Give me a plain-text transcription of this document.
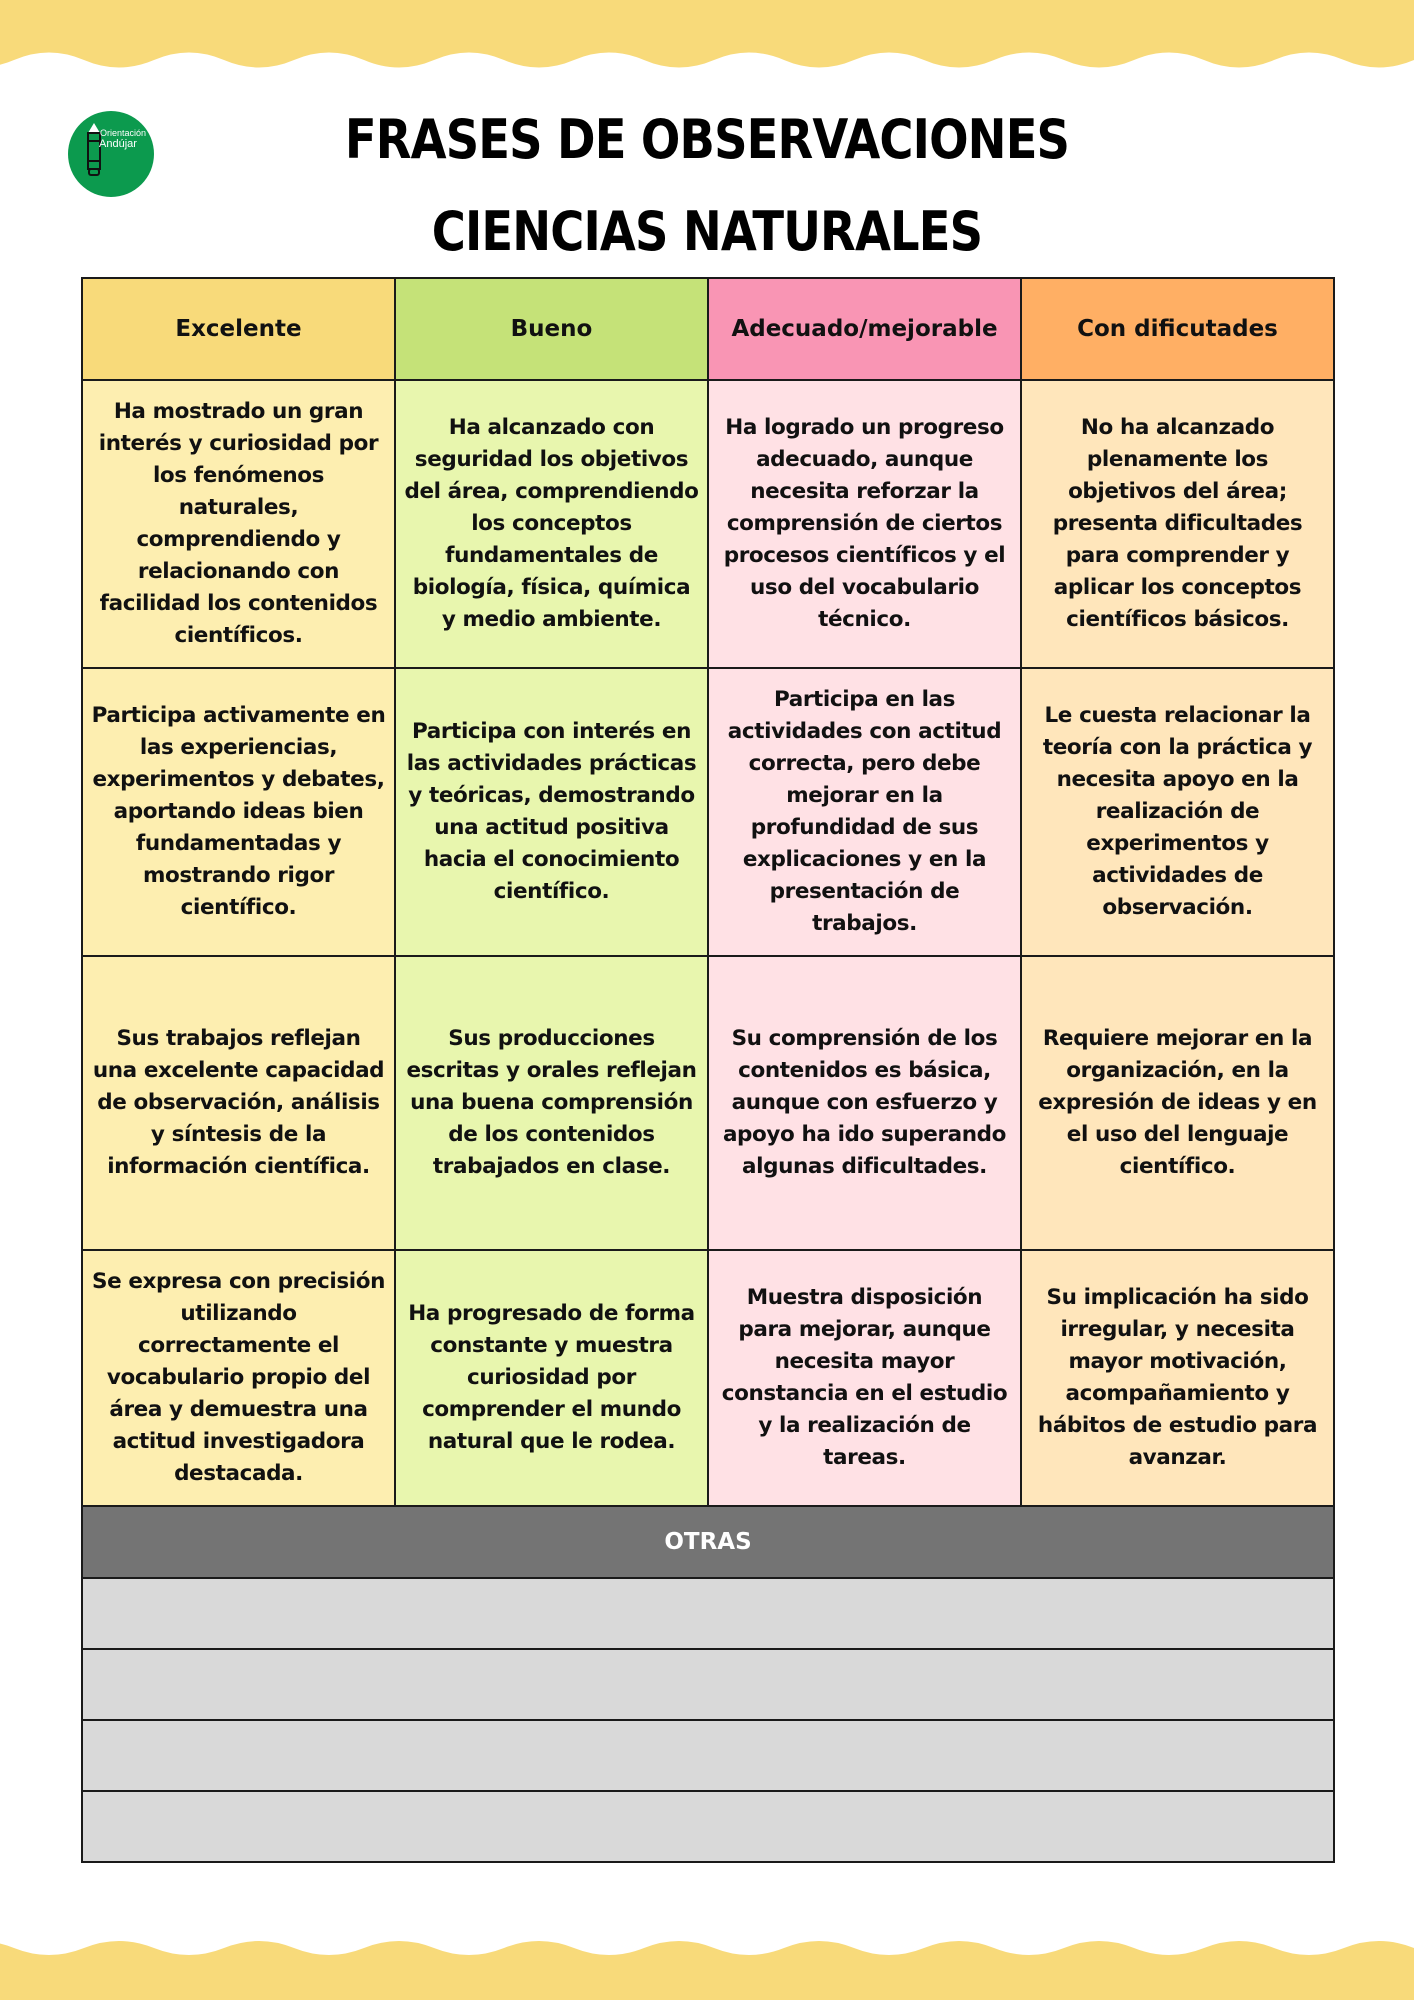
Orientación
Andújar	FRASES DE OBSERVACIONES
CIENCIAS NATURALES
Excelente	Bueno	Adecuado/mejorable	Con dificutades
Ha mostrado un gran interés y curiosidad por los fenómenos naturales, comprendiendo y relacionando con facilidad los contenidos científicos.	Ha alcanzado con seguridad los objetivos del área, comprendiendo los conceptos fundamentales de biología, física, química y medio ambiente.	Ha logrado un progreso adecuado, aunque necesita reforzar la comprensión de ciertos procesos científicos y el uso del vocabulario técnico.	No ha alcanzado plenamente los objetivos del área; presenta dificultades para comprender y aplicar los conceptos científicos básicos.
Participa activamente en las experiencias, experimentos y debates, aportando ideas bien fundamentadas y mostrando rigor científico.	Participa con interés en las actividades prácticas y teóricas, demostrando una actitud positiva hacia el conocimiento científico.	Participa en las actividades con actitud correcta, pero debe mejorar en la profundidad de sus explicaciones y en la presentación de trabajos.	Le cuesta relacionar la teoría con la práctica y necesita apoyo en la realización de experimentos y actividades de observación.
Sus trabajos reflejan una excelente capacidad de observación, análisis y síntesis de la información científica.	Sus producciones escritas y orales reflejan una buena comprensión de los contenidos trabajados en clase.	Su comprensión de los contenidos es básica, aunque con esfuerzo y apoyo ha ido superando algunas dificultades.	Requiere mejorar en la organización, en la expresión de ideas y en el uso del lenguaje científico.
Se expresa con precisión utilizando correctamente el vocabulario propio del área y demuestra una actitud investigadora destacada.	Ha progresado de forma constante y muestra curiosidad por comprender el mundo natural que le rodea.	Muestra disposición para mejorar, aunque necesita mayor constancia en el estudio y la realización de tareas.	Su implicación ha sido irregular, y necesita mayor motivación, acompañamiento y hábitos de estudio para avanzar.
OTRAS			
